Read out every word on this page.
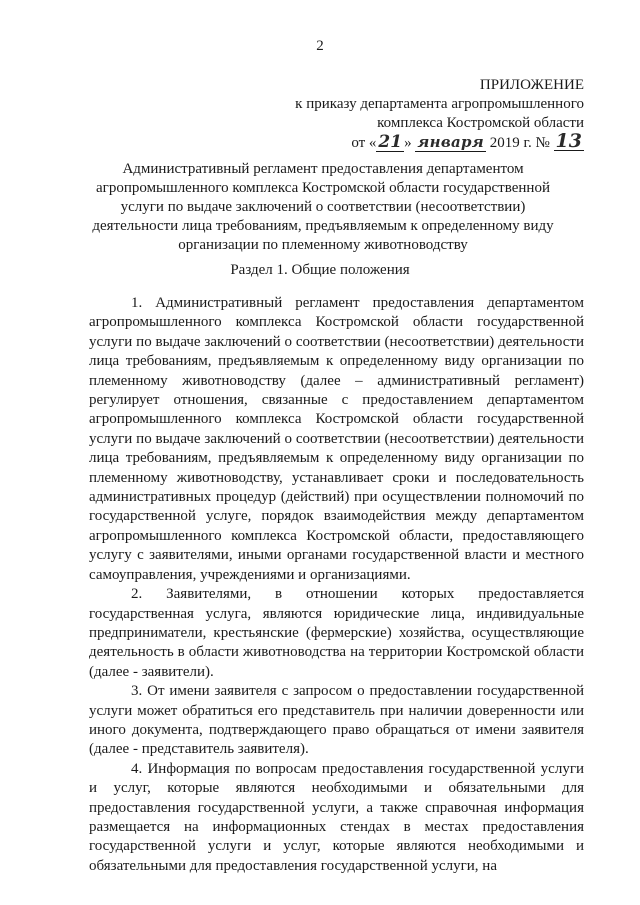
2
ПРИЛОЖЕНИЕ
к приказу департамента агропромышленного
комплекса Костромской области
от « 21 » января 2019 г. № 13
Административный регламент предоставления департаментом агропромышленного комплекса Костромской области государственной услуги по выдаче заключений о соответствии (несоответствии) деятельности лица требованиям, предъявляемым к определенному виду организации по племенному животноводству
Раздел 1. Общие положения

1. Административный регламент предоставления департаментом агропромышленного комплекса Костромской области государственной услуги по выдаче заключений о соответствии (несоответствии) деятельности лица требованиям, предъявляемым к определенному виду организации по племенному животноводству (далее – административный регламент) регулирует отношения, связанные с предоставлением департаментом агропромышленного комплекса Костромской области государственной услуги по выдаче заключений о соответствии (несоответствии) деятельности лица требованиям, предъявляемым к определенному виду организации по племенному животноводству, устанавливает сроки и последовательность административных процедур (действий) при осуществлении полномочий по государственной услуге, порядок взаимодействия между департаментом агропромышленного комплекса Костромской области, предоставляющего услугу с заявителями, иными органами государственной власти и местного самоуправления, учреждениями и организациями.

2. Заявителями, в отношении которых предоставляется государственная услуга, являются юридические лица, индивидуальные предприниматели, крестьянские (фермерские) хозяйства, осуществляющие деятельность в области животноводства на территории Костромской области (далее - заявители).

3. От имени заявителя с запросом о предоставлении государственной услуги может обратиться его представитель при наличии доверенности или иного документа, подтверждающего право обращаться от имени заявителя (далее - представитель заявителя).

4. Информация по вопросам предоставления государственной услуги и услуг, которые являются необходимыми и обязательными для предоставления государственной услуги, а также справочная информация размещается на информационных стендах в местах предоставления государственной услуги и услуг, которые являются необходимыми и обязательными для предоставления государственной услуги, на
